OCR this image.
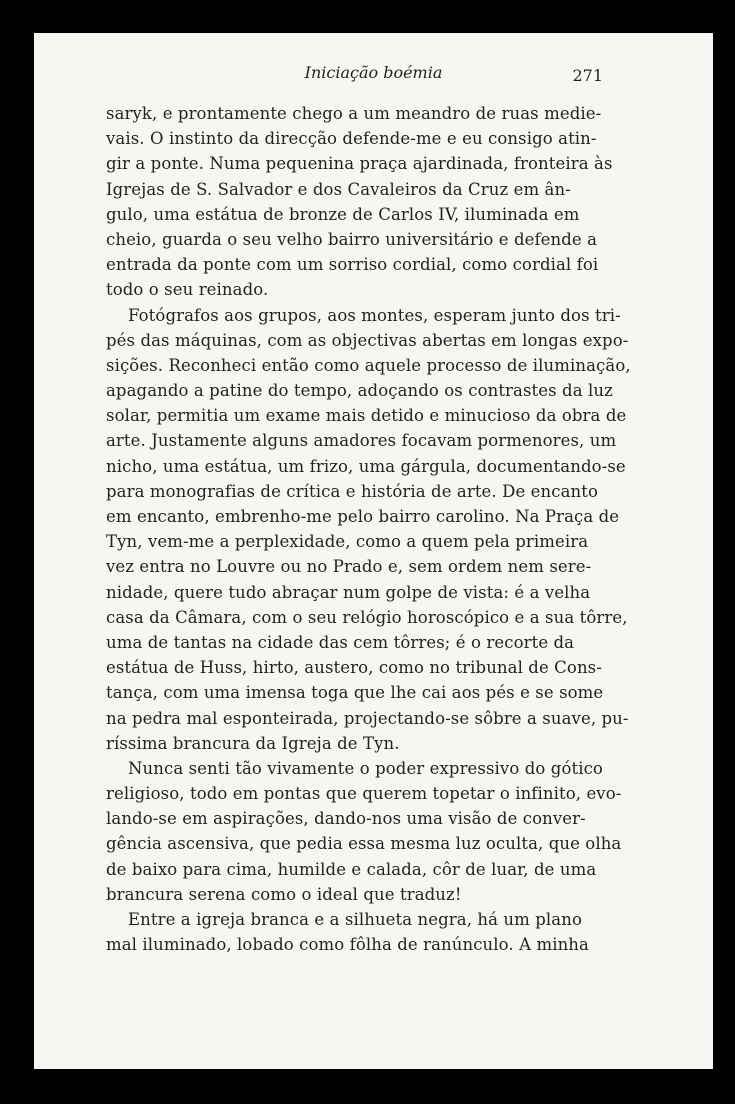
Iniciação boémia	271
saryk, e prontamente chego a um meandro de ruas medie-
vais. O instinto da direcção defende-me e eu consigo atin-
gir a ponte. Numa pequenina praça ajardinada, fronteira às
Igrejas de S. Salvador e dos Cavaleiros da Cruz em ân-
gulo, uma estátua de bronze de Carlos IV, iluminada em
cheio, guarda o seu velho bairro universitário e defende a
entrada da ponte com um sorriso cordial, como cordial foi
todo o seu reinado.
Fotógrafos aos grupos, aos montes, esperam junto dos tri-
pés das máquinas, com as objectivas abertas em longas expo-
sições. Reconheci então como aquele processo de iluminação,
apagando a patine do tempo, adoçando os contrastes da luz
solar, permitia um exame mais detido e minucioso da obra de
arte. Justamente alguns amadores focavam pormenores, um
nicho, uma estátua, um frizo, uma gárgula, documentando-se
para monografias de crítica e história de arte. De encanto
em encanto, embrenho-me pelo bairro carolino. Na Praça de
Tyn, vem-me a perplexidade, como a quem pela primeira
vez entra no Louvre ou no Prado e, sem ordem nem sere-
nidade, quere tudo abraçar num golpe de vista: é a velha
casa da Câmara, com o seu relógio horoscópico e a sua tôrre,
uma de tantas na cidade das cem tôrres; é o recorte da
estátua de Huss, hirto, austero, como no tribunal de Cons-
tança, com uma imensa toga que lhe cai aos pés e se some
na pedra mal esponteirada, projectando-se sôbre a suave, pu-
ríssima brancura da Igreja de Tyn.
Nunca senti tão vivamente o poder expressivo do gótico
religioso, todo em pontas que querem topetar o infinito, evo-
lando-se em aspirações, dando-nos uma visão de conver-
gência ascensiva, que pedia essa mesma luz oculta, que olha
de baixo para cima, humilde e calada, côr de luar, de uma
brancura serena como o ideal que traduz!
Entre a igreja branca e a silhueta negra, há um plano
mal iluminado, lobado como fôlha de ranúnculo. A minha
